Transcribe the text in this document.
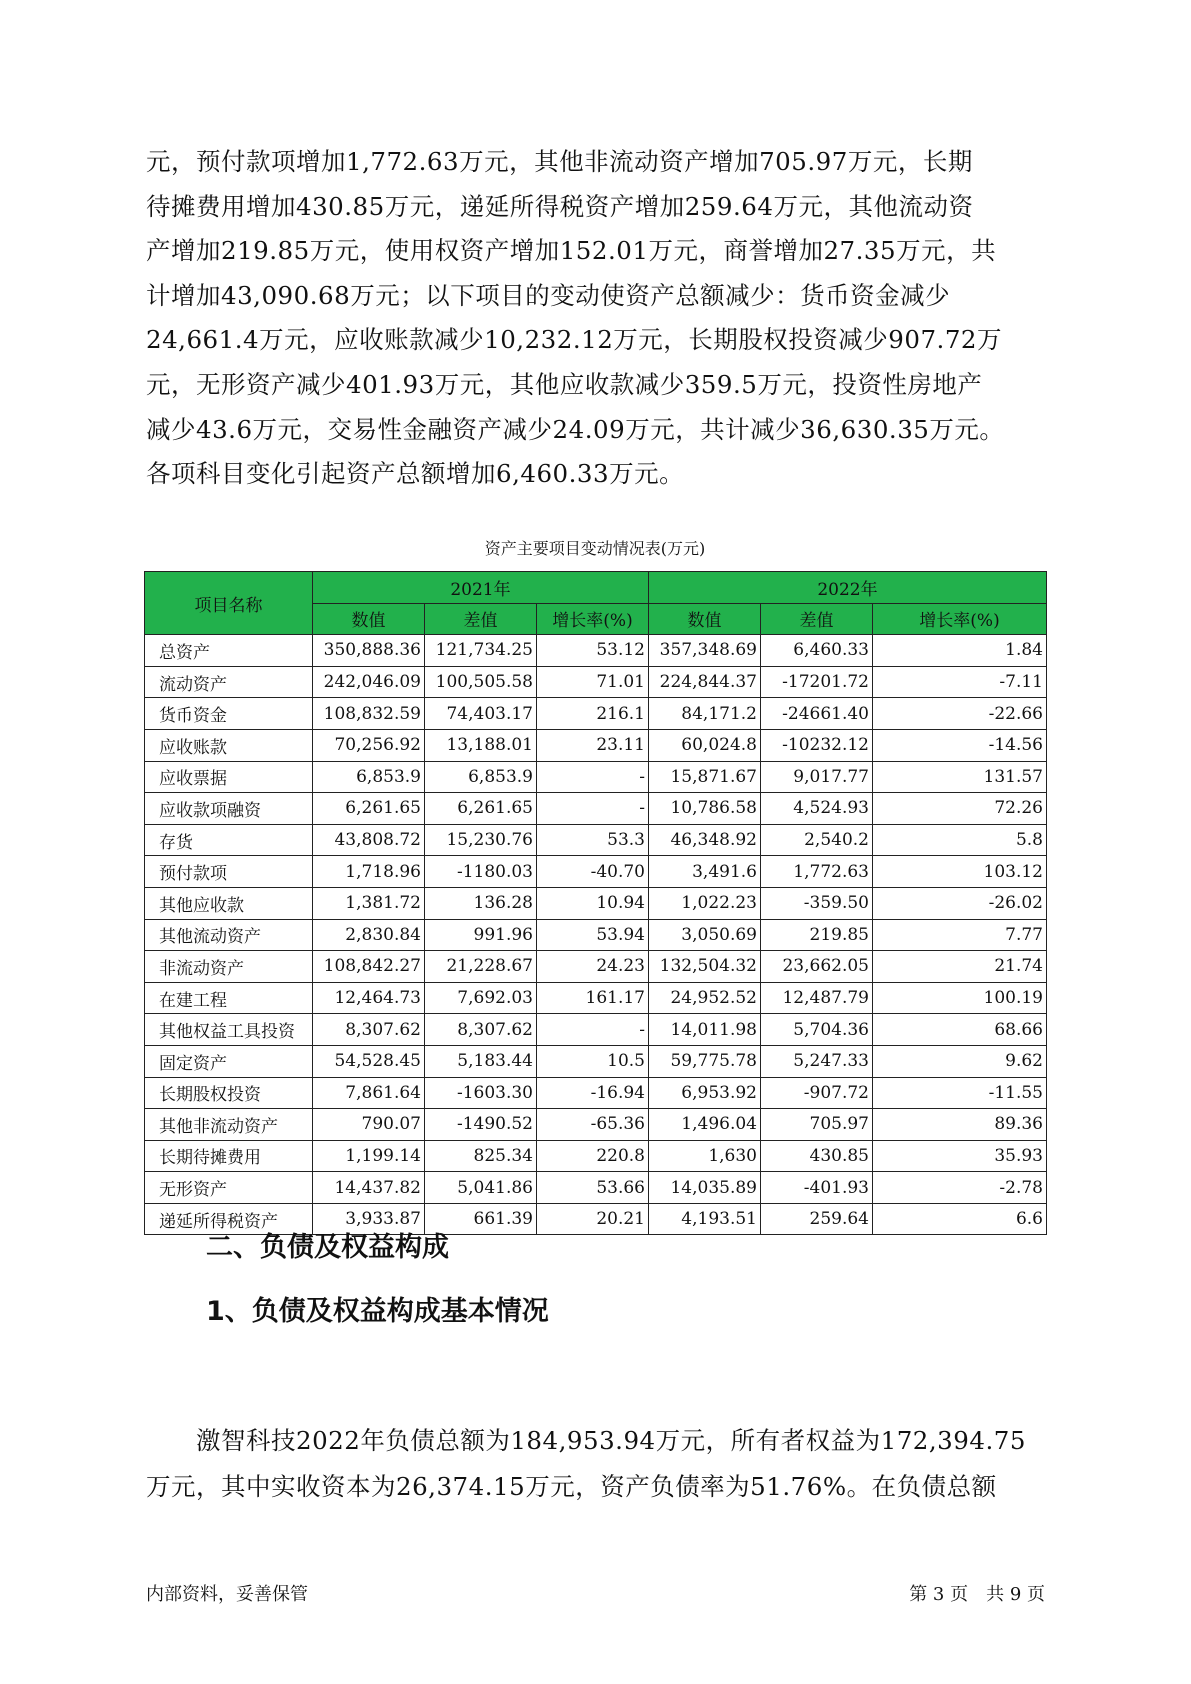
元，预付款项增加1,772.63万元，其他非流动资产增加705.97万元，长期

待摊费用增加430.85万元，递延所得税资产增加259.64万元，其他流动资

产增加219.85万元，使用权资产增加152.01万元，商誉增加27.35万元，共

计增加43,090.68万元；以下项目的变动使资产总额减少：货币资金减少

24,661.4万元，应收账款减少10,232.12万元，长期股权投资减少907.72万

元，无形资产减少401.93万元，其他应收款减少359.5万元，投资性房地产

减少43.6万元，交易性金融资产减少24.09万元，共计减少36,630.35万元。

各项科目变化引起资产总额增加6,460.33万元。

资产主要项目变动情况表(万元)
项目名称	2021年			2022年		
	数值	差值	增长率(%)	数值	差值	增长率(%)
总资产	350,888.36	121,734.25	53.12	357,348.69	6,460.33	1.84
流动资产	242,046.09	100,505.58	71.01	224,844.37	-17201.72	-7.11
货币资金	108,832.59	74,403.17	216.1	84,171.2	-24661.40	-22.66
应收账款	70,256.92	13,188.01	23.11	60,024.8	-10232.12	-14.56
应收票据	6,853.9	6,853.9	-	15,871.67	9,017.77	131.57
应收款项融资	6,261.65	6,261.65	-	10,786.58	4,524.93	72.26
存货	43,808.72	15,230.76	53.3	46,348.92	2,540.2	5.8
预付款项	1,718.96	-1180.03	-40.70	3,491.6	1,772.63	103.12
其他应收款	1,381.72	136.28	10.94	1,022.23	-359.50	-26.02
其他流动资产	2,830.84	991.96	53.94	3,050.69	219.85	7.77
非流动资产	108,842.27	21,228.67	24.23	132,504.32	23,662.05	21.74
在建工程	12,464.73	7,692.03	161.17	24,952.52	12,487.79	100.19
其他权益工具投资	8,307.62	8,307.62	-	14,011.98	5,704.36	68.66
固定资产	54,528.45	5,183.44	10.5	59,775.78	5,247.33	9.62
长期股权投资	7,861.64	-1603.30	-16.94	6,953.92	-907.72	-11.55
其他非流动资产	790.07	-1490.52	-65.36	1,496.04	705.97	89.36
长期待摊费用	1,199.14	825.34	220.8	1,630	430.85	35.93
无形资产	14,437.82	5,041.86	53.66	14,035.89	-401.93	-2.78
递延所得税资产	3,933.87	661.39	20.21	4,193.51	259.64	6.6
二、负债及权益构成
1、负债及权益构成基本情况

　　激智科技2022年负债总额为184,953.94万元，所有者权益为172,394.75

万元，其中实收资本为26,374.15万元，资产负债率为51.76%。在负债总额

内部资料，妥善保管	第 3 页　共 9 页
